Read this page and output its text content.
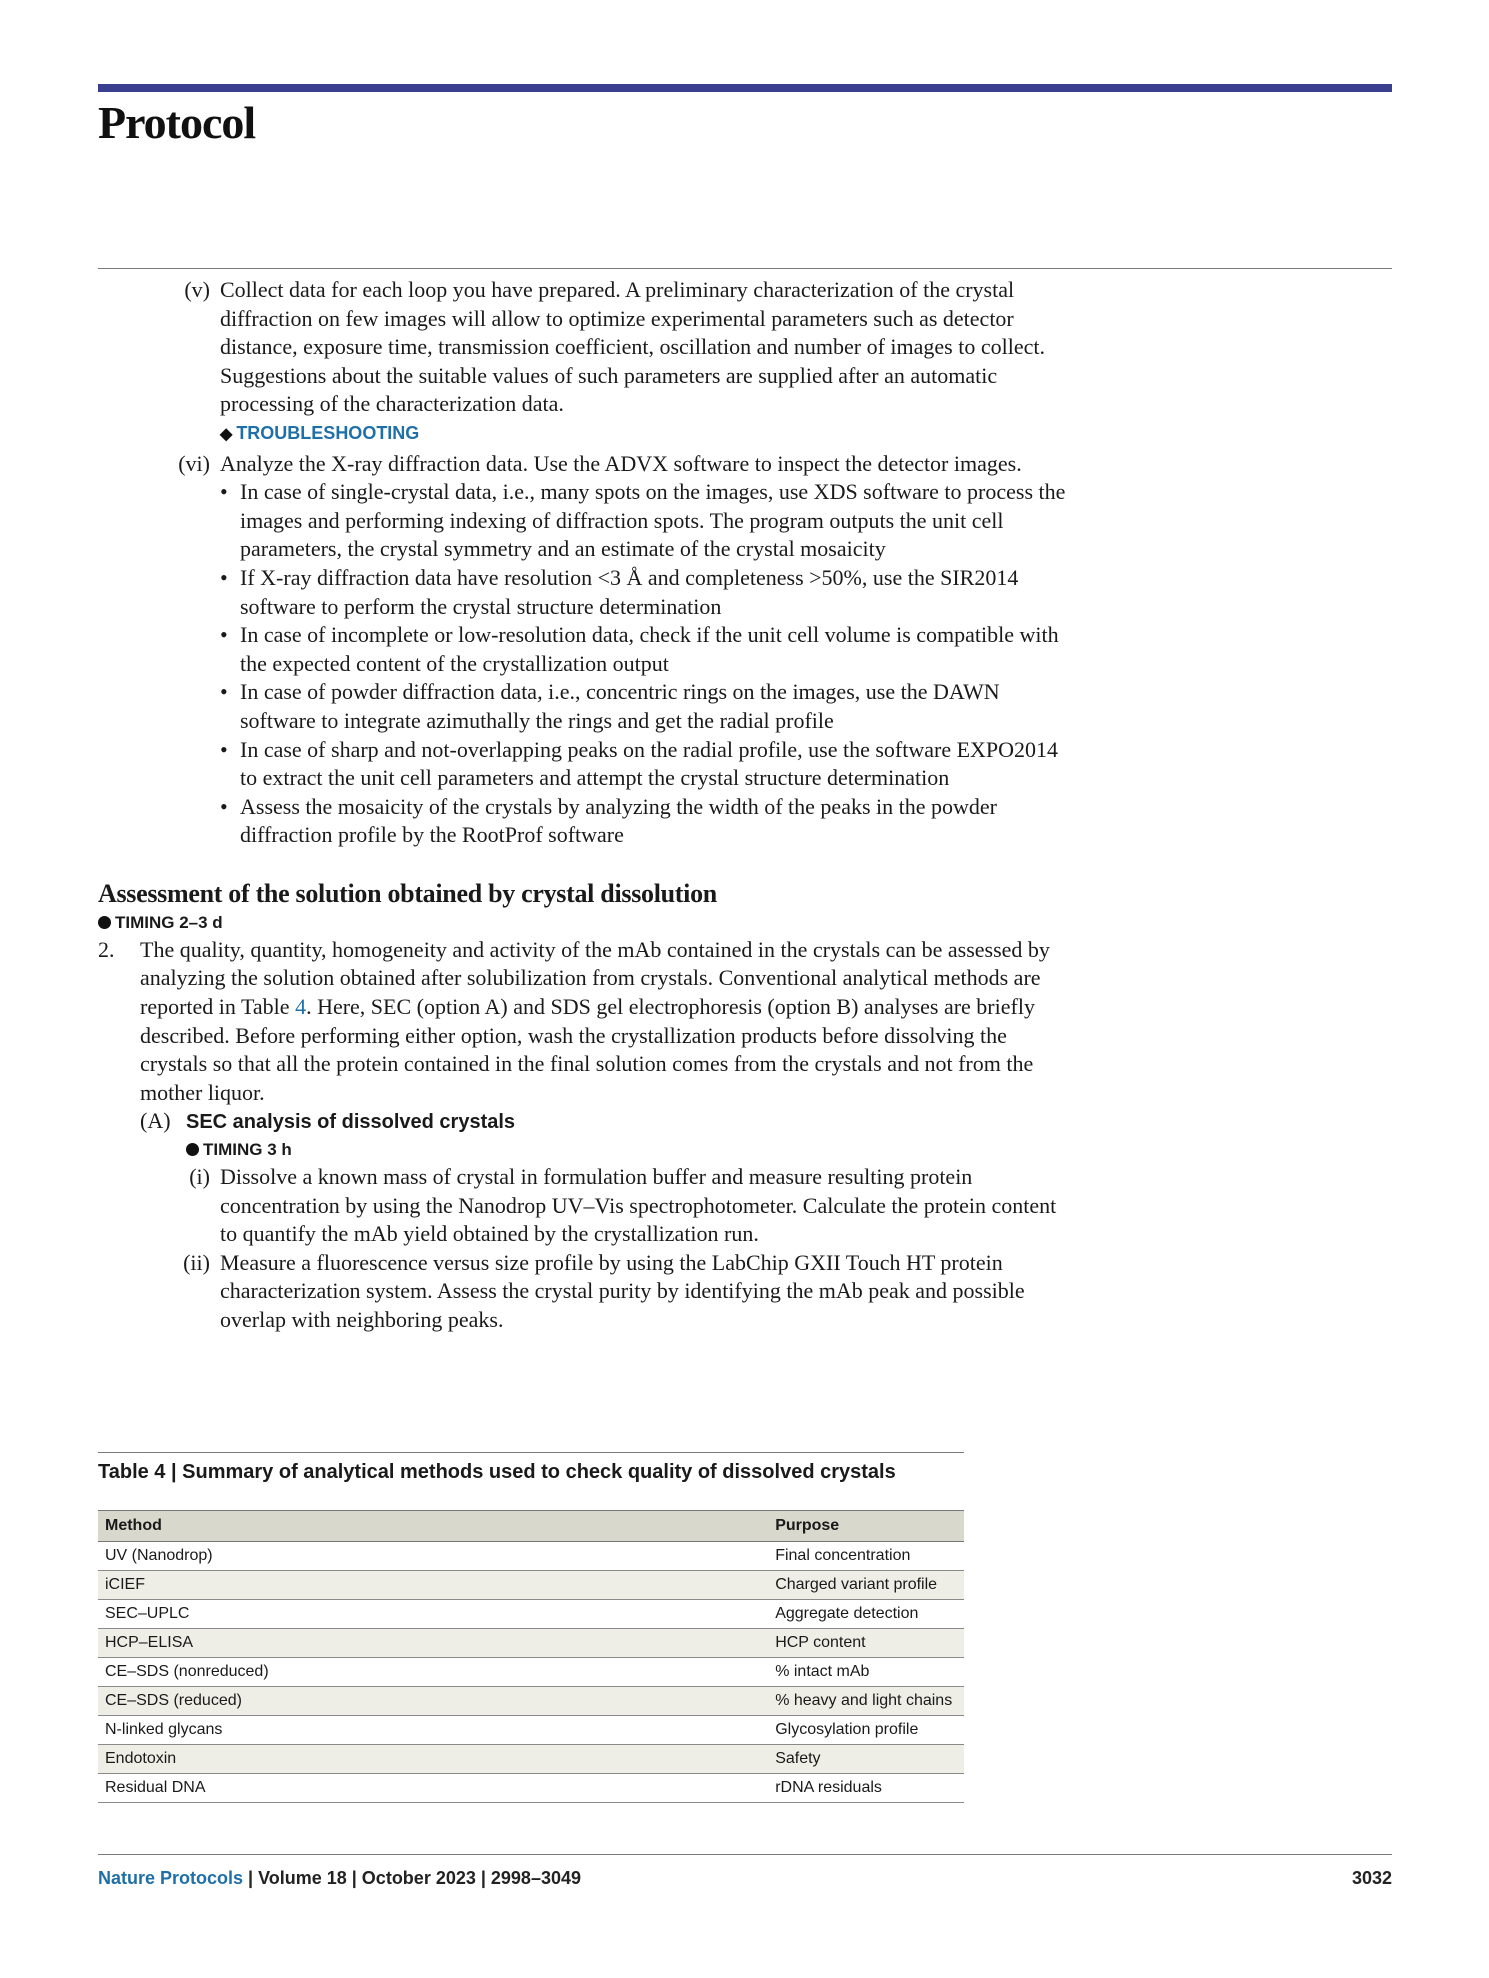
Protocol
(v) Collect data for each loop you have prepared. A preliminary characterization of the crystal diffraction on few images will allow to optimize experimental parameters such as detector distance, exposure time, transmission coefficient, oscillation and number of images to collect. Suggestions about the suitable values of such parameters are supplied after an automatic processing of the characterization data.
◆ TROUBLESHOOTING
(vi) Analyze the X-ray diffraction data. Use the ADVX software to inspect the detector images.
• In case of single-crystal data, i.e., many spots on the images, use XDS software to process the images and performing indexing of diffraction spots. The program outputs the unit cell parameters, the crystal symmetry and an estimate of the crystal mosaicity
• If X-ray diffraction data have resolution <3 Å and completeness >50%, use the SIR2014 software to perform the crystal structure determination
• In case of incomplete or low-resolution data, check if the unit cell volume is compatible with the expected content of the crystallization output
• In case of powder diffraction data, i.e., concentric rings on the images, use the DAWN software to integrate azimuthally the rings and get the radial profile
• In case of sharp and not-overlapping peaks on the radial profile, use the software EXPO2014 to extract the unit cell parameters and attempt the crystal structure determination
• Assess the mosaicity of the crystals by analyzing the width of the peaks in the powder diffraction profile by the RootProf software
Assessment of the solution obtained by crystal dissolution
TIMING 2–3 d
2. The quality, quantity, homogeneity and activity of the mAb contained in the crystals can be assessed by analyzing the solution obtained after solubilization from crystals. Conventional analytical methods are reported in Table 4. Here, SEC (option A) and SDS gel electrophoresis (option B) analyses are briefly described. Before performing either option, wash the crystallization products before dissolving the crystals so that all the protein contained in the final solution comes from the crystals and not from the mother liquor.
(A) SEC analysis of dissolved crystals
TIMING 3 h
(i) Dissolve a known mass of crystal in formulation buffer and measure resulting protein concentration by using the Nanodrop UV–Vis spectrophotometer. Calculate the protein content to quantify the mAb yield obtained by the crystallization run.
(ii) Measure a fluorescence versus size profile by using the LabChip GXII Touch HT protein characterization system. Assess the crystal purity by identifying the mAb peak and possible overlap with neighboring peaks.
Table 4 | Summary of analytical methods used to check quality of dissolved crystals
Method	Purpose
UV (Nanodrop)	Final concentration
iCIEF	Charged variant profile
SEC–UPLC	Aggregate detection
HCP–ELISA	HCP content
CE–SDS (nonreduced)	% intact mAb
CE–SDS (reduced)	% heavy and light chains
N-linked glycans	Glycosylation profile
Endotoxin	Safety
Residual DNA	rDNA residuals
Nature Protocols | Volume 18 | October 2023 | 2998–3049	3032
